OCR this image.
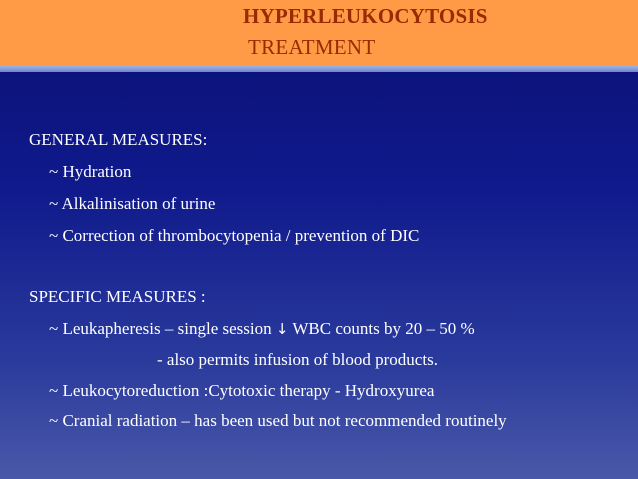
HYPERLEUKOCYTOSIS
TREATMENT
GENERAL MEASURES:
~ Hydration
~ Alkalinisation of urine
~ Correction of thrombocytopenia / prevention of DIC
SPECIFIC MEASURES :
~ Leukapheresis – single session ↓ WBC counts by 20 – 50 %
- also permits infusion of blood products.
~ Leukocytoreduction :Cytotoxic therapy - Hydroxyurea
~ Cranial radiation – has been used but not recommended routinely
